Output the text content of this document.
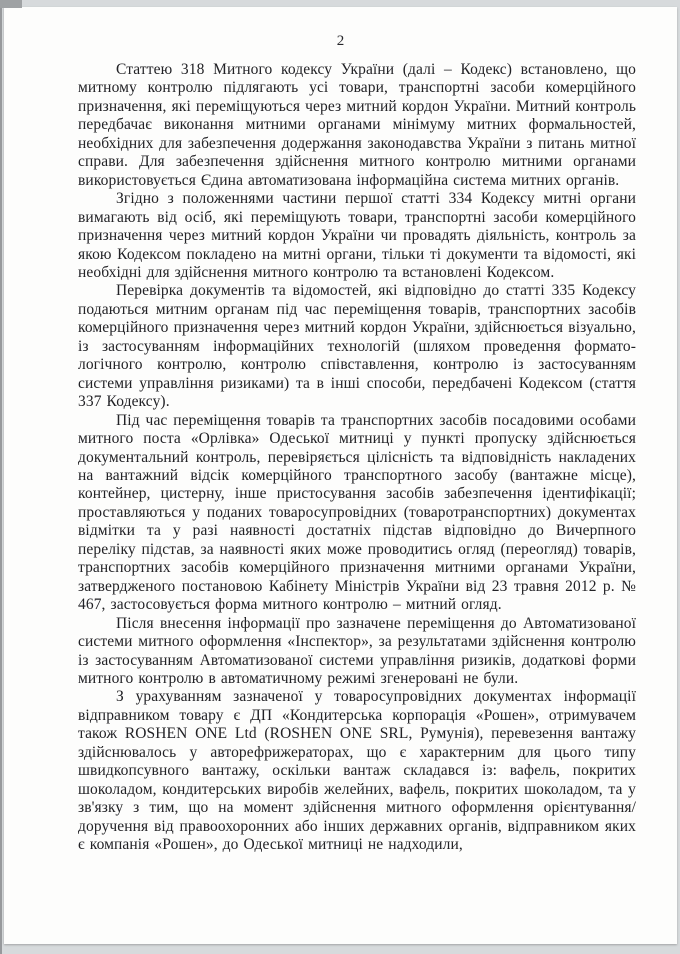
2

Статтею 318 Митного кодексу України (далі – Кодекс) встановлено, що митному контролю підлягають усі товари, транспортні засоби комерційного призначення, які переміщуються через митний кордон України. Митний контроль передбачає виконання митними органами мінімуму митних формальностей, необхідних для забезпечення додержання законодавства України з питань митної справи. Для забезпечення здійснення митного контролю митними органами використовується Єдина автоматизована інформаційна система митних органів.

Згідно з положеннями частини першої статті 334 Кодексу митні органи вимагають від осіб, які переміщують товари, транспортні засоби комерційного призначення через митний кордон України чи провадять діяльність, контроль за якою Кодексом покладено на митні органи, тільки ті документи та відомості, які необхідні для здійснення митного контролю та встановлені Кодексом.

Перевірка документів та відомостей, які відповідно до статті 335 Кодексу подаються митним органам під час переміщення товарів, транспортних засобів комерційного призначення через митний кордон України, здійснюється візуально, із застосуванням інформаційних технологій (шляхом проведення формато-логічного контролю, контролю співставлення, контролю із застосуванням системи управління ризиками) та в інші способи, передбачені Кодексом (стаття 337 Кодексу).

Під час переміщення товарів та транспортних засобів посадовими особами митного поста «Орлівка» Одеської митниці у пункті пропуску здійснюється документальний контроль, перевіряється цілісність та відповідність накладених на вантажний відсік комерційного транспортного засобу (вантажне місце), контейнер, цистерну, інше пристосування засобів забезпечення ідентифікації; проставляються у поданих товаросупровідних (товаротранспортних) документах відмітки та у разі наявності достатніх підстав відповідно до Вичерпного переліку підстав, за наявності яких може проводитись огляд (переогляд) товарів, транспортних засобів комерційного призначення митними органами України, затвердженого постановою Кабінету Міністрів України від 23 травня 2012 р. № 467, застосовується форма митного контролю – митний огляд.

Після внесення інформації про зазначене переміщення до Автоматизованої системи митного оформлення «Інспектор», за результатами здійснення контролю із застосуванням Автоматизованої системи управління ризиків, додаткові форми митного контролю в автоматичному режимі згенеровані не були.

З урахуванням зазначеної у товаросупровідних документах інформації відправником товару є ДП «Кондитерська корпорація «Рошен», отримувачем також ROSHEN ONE Ltd (ROSHEN ONE SRL, Румунія), перевезення вантажу здійснювалось у авторефрижераторах, що є характерним для цього типу швидкопсувного вантажу, оскільки вантаж складався із: вафель, покритих шоколадом, кондитерських виробів желейних, вафель, покритих шоколадом, та у зв'язку з тим, що на момент здійснення митного оформлення орієнтування/доручення від правоохоронних або інших державних органів, відправником яких є компанія «Рошен», до Одеської митниці не надходили,
